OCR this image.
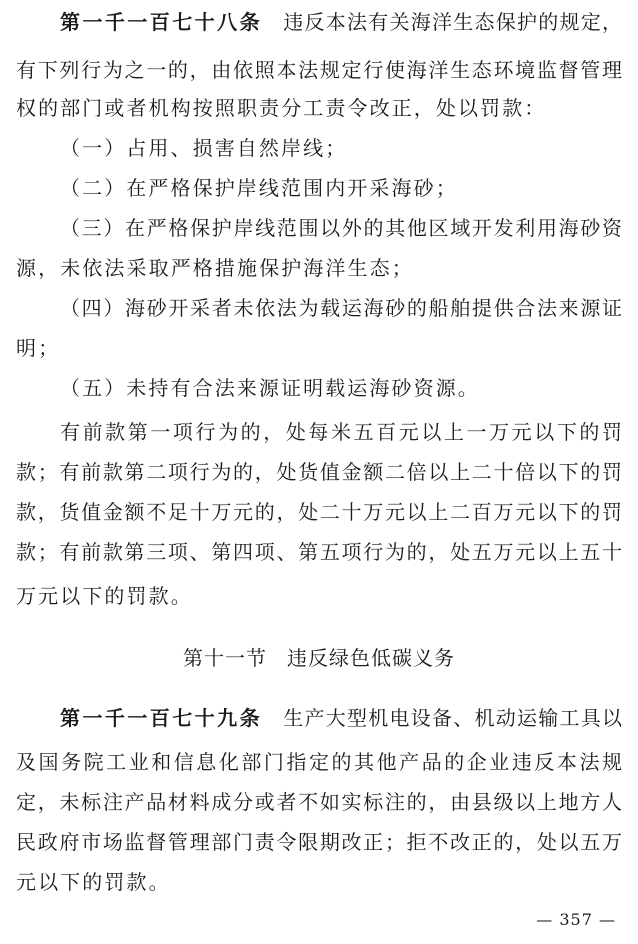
第一千一百七十八条 违反本法有关海洋生态保护的规定，
有下列行为之一的，由依照本法规定行使海洋生态环境监督管理
权的部门或者机构按照职责分工责令改正，处以罚款：
（一）占用、损害自然岸线；
（二）在严格保护岸线范围内开采海砂；
（三）在严格保护岸线范围以外的其他区域开发利用海砂资
源，未依法采取严格措施保护海洋生态；
（四）海砂开采者未依法为载运海砂的船舶提供合法来源证
明；
（五）未持有合法来源证明载运海砂资源。
有前款第一项行为的，处每米五百元以上一万元以下的罚
款；有前款第二项行为的，处货值金额二倍以上二十倍以下的罚
款，货值金额不足十万元的，处二十万元以上二百万元以下的罚
款；有前款第三项、第四项、第五项行为的，处五万元以上五十
万元以下的罚款。
第十一节 违反绿色低碳义务
第一千一百七十九条 生产大型机电设备、机动运输工具以
及国务院工业和信息化部门指定的其他产品的企业违反本法规
定，未标注产品材料成分或者不如实标注的，由县级以上地方人
民政府市场监督管理部门责令限期改正；拒不改正的，处以五万
元以下的罚款。
— 357 —
